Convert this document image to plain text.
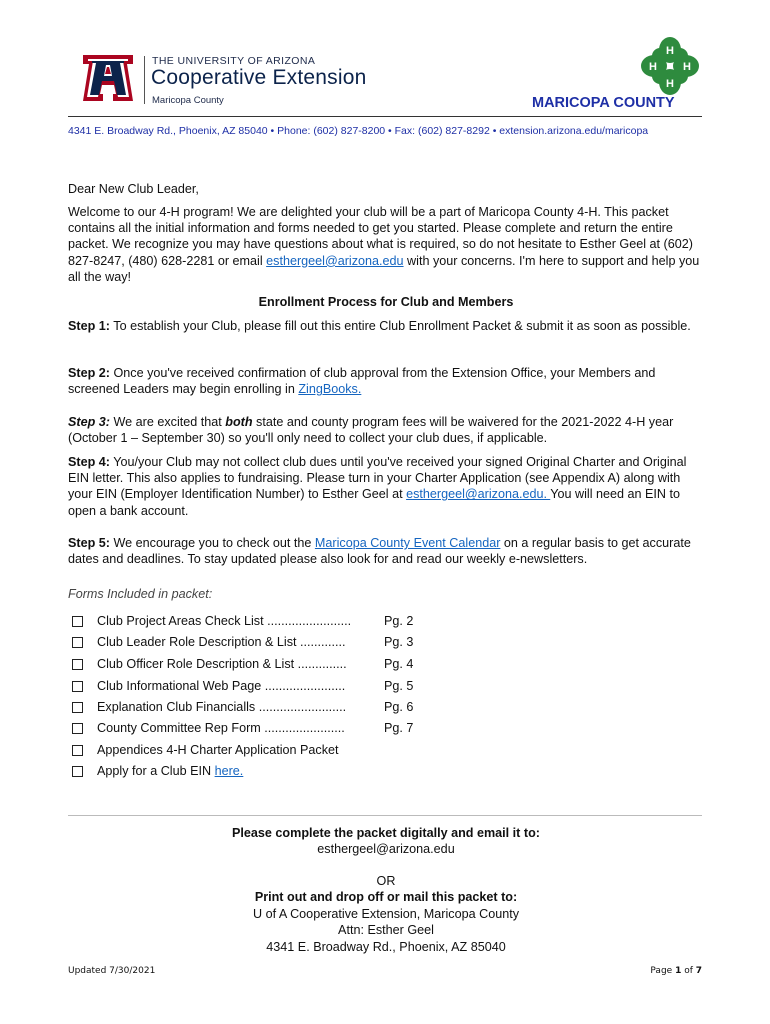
THE UNIVERSITY OF ARIZONA
Cooperative Extension
Maricopa County
H
H
H
H
MARICOPA COUNTY
4341 E. Broadway Rd., Phoenix, AZ 85040 • Phone: (602) 827-8200 • Fax: (602) 827-8292 • extension.arizona.edu/maricopa
Dear New Club Leader,
Welcome to our 4-H program! We are delighted your club will be a part of Maricopa County 4-H. This packet contains all the initial information and forms needed to get you started. Please complete and return the entire packet. We recognize you may have questions about what is required, so do not hesitate to Esther Geel at (602) 827-8247, (480) 628-2281 or email esthergeel@arizona.edu with your concerns. I'm here to support and help you all the way!
Enrollment Process for Club and Members
Step 1: To establish your Club, please fill out this entire Club Enrollment Packet & submit it as soon as possible.
Step 2: Once you've received confirmation of club approval from the Extension Office, your Members and screened Leaders may begin enrolling in ZingBooks.
Step 3: We are excited that both state and county program fees will be waivered for the 2021-2022 4-H year (October 1 – September 30) so you'll only need to collect your club dues, if applicable.
Step 4: You/your Club may not collect club dues until you've received your signed Original Charter and Original EIN letter. This also applies to fundraising. Please turn in your Charter Application (see Appendix A) along with your EIN (Employer Identification Number) to Esther Geel at esthergeel@arizona.edu. You will need an EIN to open a bank account.
Step 5: We encourage you to check out the Maricopa County Event Calendar on a regular basis to get accurate dates and deadlines. To stay updated please also look for and read our weekly e-newsletters.
Forms Included in packet:
Club Project Areas Check List ........................	Pg. 2
Club Leader Role Description & List .............	Pg. 3
Club Officer Role Description & List ..............	Pg. 4
Club Informational Web Page .......................	Pg. 5
Explanation Club Financialls .........................	Pg. 6
County Committee Rep Form .......................	Pg. 7
Appendices 4-H Charter Application Packet
Apply for a Club EIN here.
Please complete the packet digitally and email it to:
esthergeel@arizona.edu
OR
Print out and drop off or mail this packet to:
U of A Cooperative Extension, Maricopa County
Attn: Esther Geel
4341 E. Broadway Rd., Phoenix, AZ 85040
Updated 7/30/2021	Page 1 of 7
